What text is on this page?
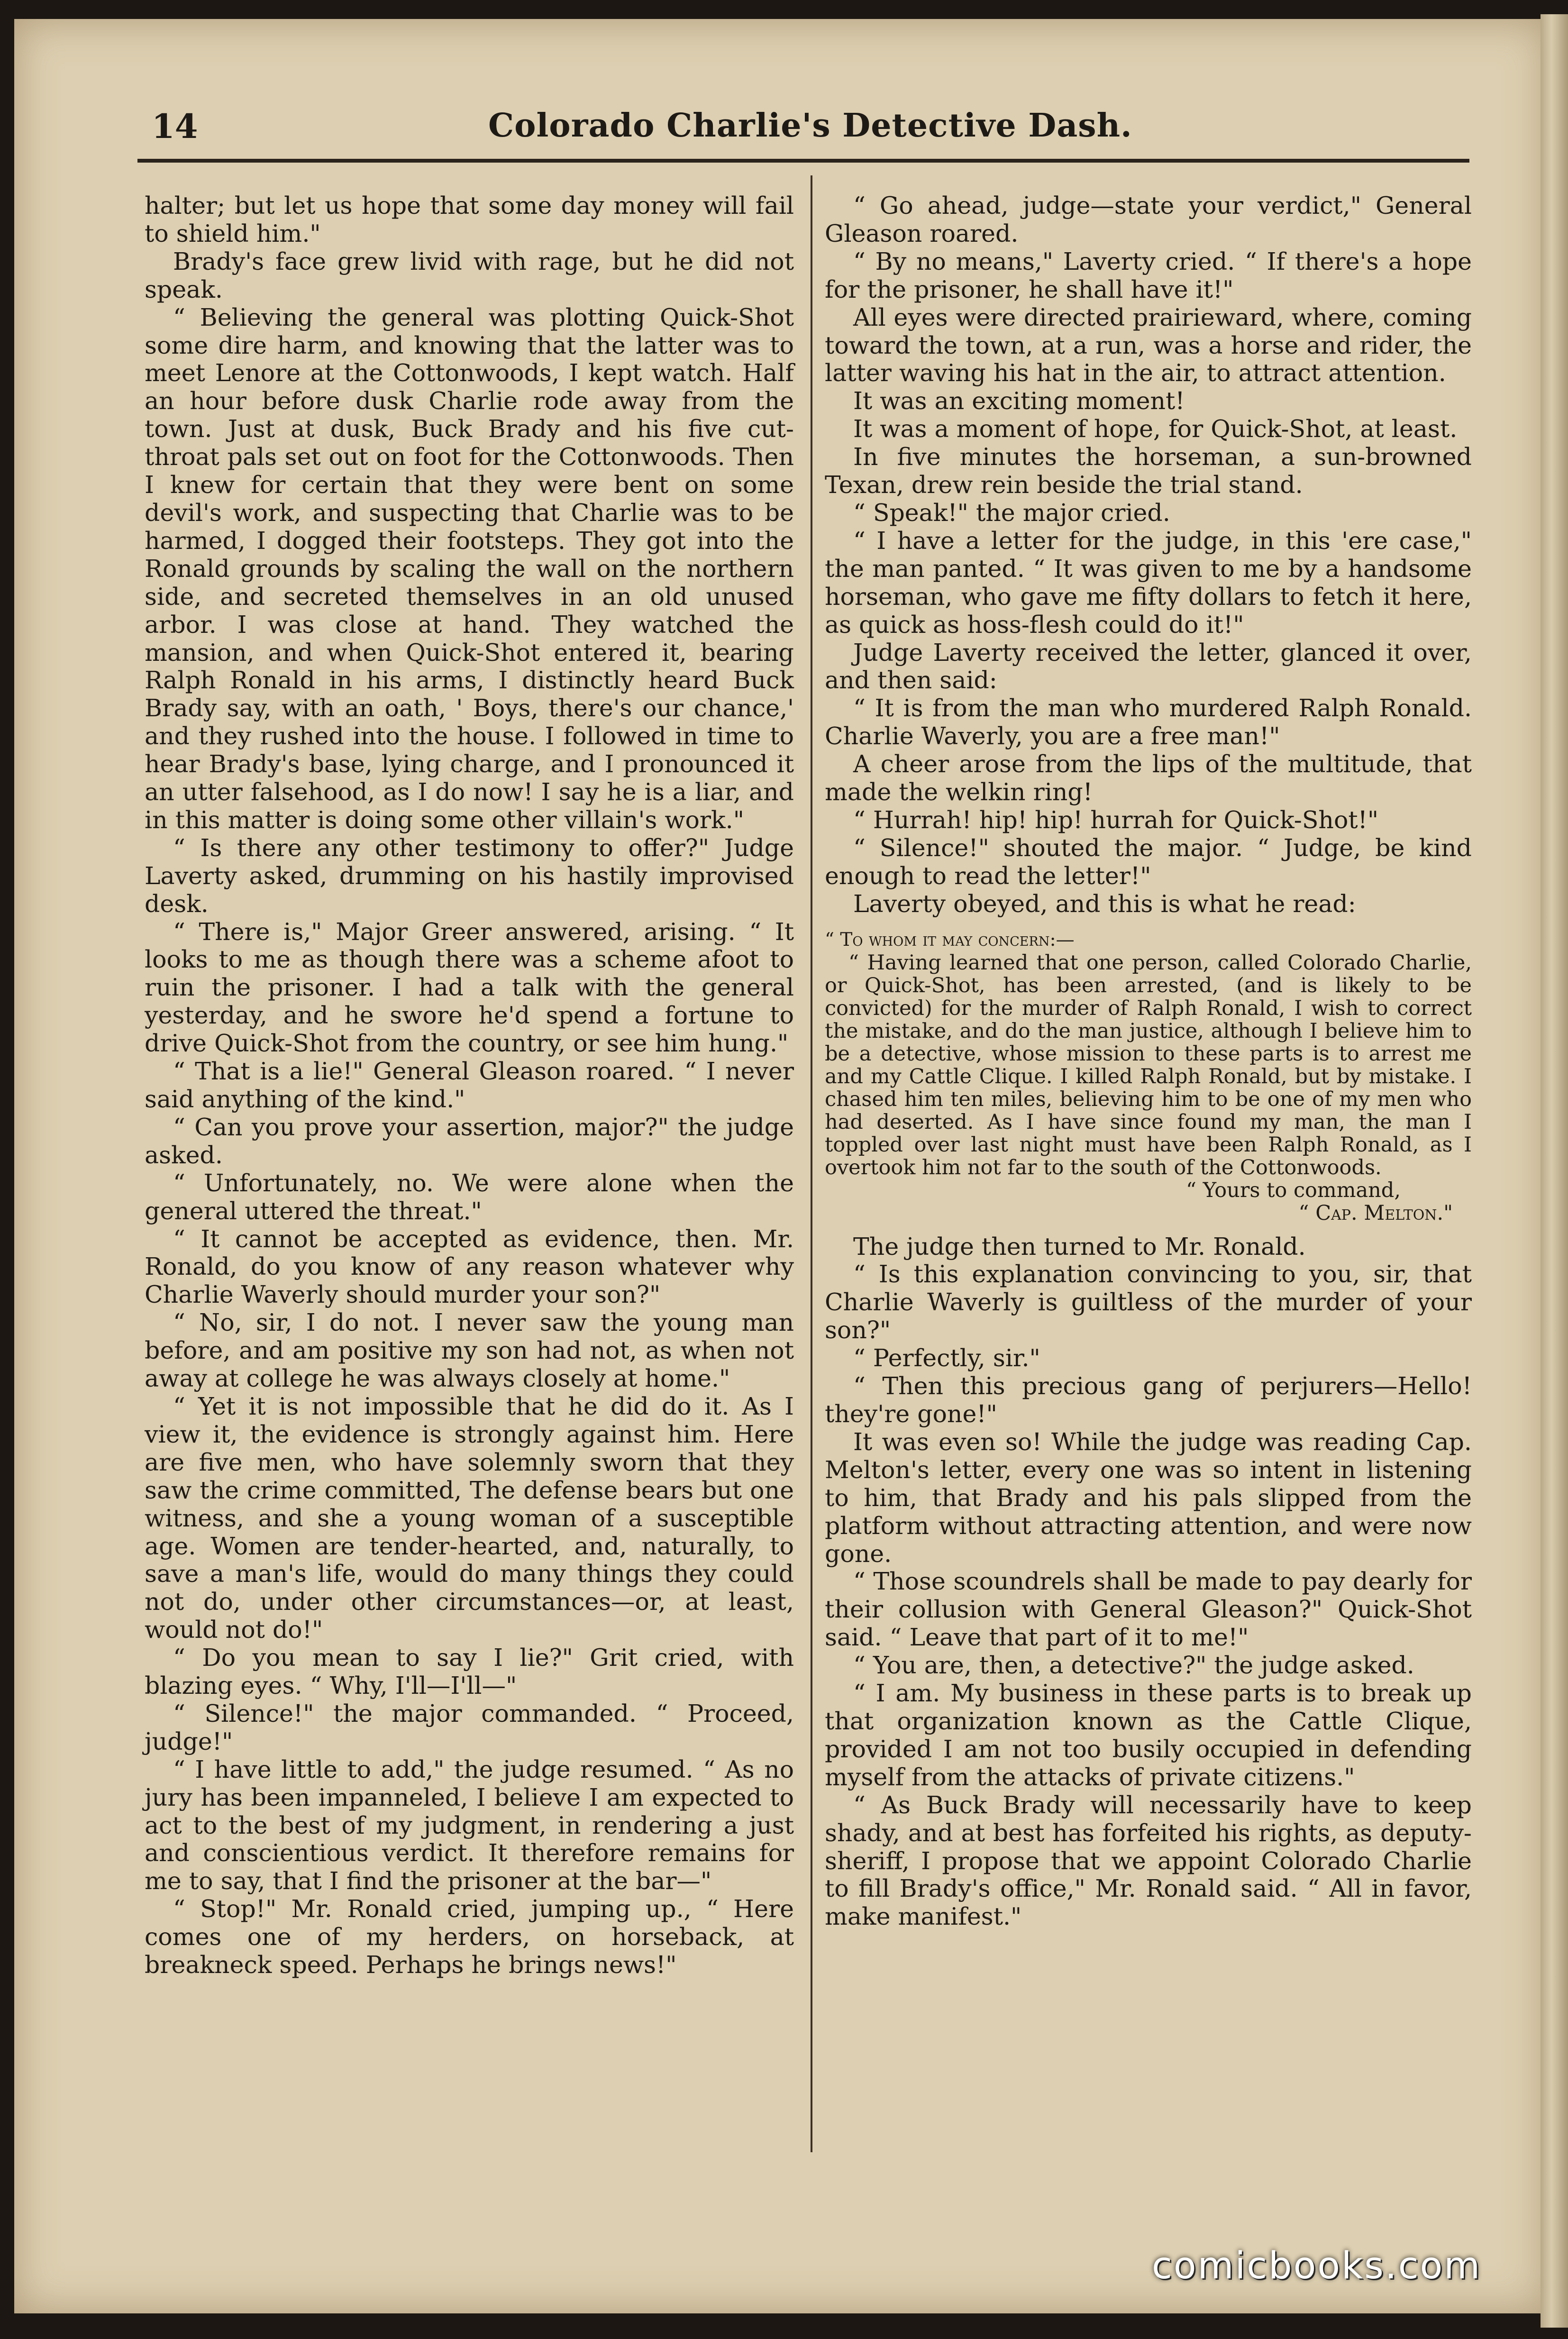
14	Colorado Charlie's Detective Dash.

halter; but let us hope that some day money will fail to shield him."

Brady's face grew livid with rage, but he did not speak.

“ Believing the general was plotting Quick-Shot some dire harm, and knowing that the latter was to meet Lenore at the Cottonwoods, I kept watch. Half an hour before dusk Charlie rode away from the town. Just at dusk, Buck Brady and his five cut-throat pals set out on foot for the Cottonwoods. Then I knew for certain that they were bent on some devil's work, and suspecting that Charlie was to be harmed, I dogged their footsteps. They got into the Ronald grounds by scaling the wall on the northern side, and secreted themselves in an old unused arbor. I was close at hand. They watched the mansion, and when Quick-Shot entered it, bearing Ralph Ronald in his arms, I distinctly heard Buck Brady say, with an oath, ' Boys, there's our chance,' and they rushed into the house. I followed in time to hear Brady's base, lying charge, and I pronounced it an utter falsehood, as I do now! I say he is a liar, and in this matter is doing some other villain's work."

“ Is there any other testimony to offer?" Judge Laverty asked, drumming on his hastily improvised desk.

“ There is," Major Greer answered, arising. “ It looks to me as though there was a scheme afoot to ruin the prisoner. I had a talk with the general yesterday, and he swore he'd spend a fortune to drive Quick-Shot from the country, or see him hung."

“ That is a lie!" General Gleason roared. “ I never said anything of the kind."

“ Can you prove your assertion, major?" the judge asked.

“ Unfortunately, no. We were alone when the general uttered the threat."

“ It cannot be accepted as evidence, then. Mr. Ronald, do you know of any reason whatever why Charlie Waverly should murder your son?"

“ No, sir, I do not. I never saw the young man before, and am positive my son had not, as when not away at college he was always closely at home."

“ Yet it is not impossible that he did do it. As I view it, the evidence is strongly against him. Here are five men, who have solemnly sworn that they saw the crime committed, The defense bears but one witness, and she a young woman of a susceptible age. Women are tender-hearted, and, naturally, to save a man's life, would do many things they could not do, under other circumstances—or, at least, would not do!"

“ Do you mean to say I lie?" Grit cried, with blazing eyes. “ Why, I'll—I'll—"

“ Silence!" the major commanded. “ Proceed, judge!"

“ I have little to add," the judge resumed. “ As no jury has been impanneled, I believe I am expected to act to the best of my judgment, in rendering a just and conscientious verdict. It therefore remains for me to say, that I find the prisoner at the bar—"

“ Stop!" Mr. Ronald cried, jumping up., “ Here comes one of my herders, on horseback, at breakneck speed. Perhaps he brings news!"

“ Go ahead, judge—state your verdict," General Gleason roared.

“ By no means," Laverty cried. “ If there's a hope for the prisoner, he shall have it!"

All eyes were directed prairieward, where, coming toward the town, at a run, was a horse and rider, the latter waving his hat in the air, to attract attention.

It was an exciting moment!

It was a moment of hope, for Quick-Shot, at least.

In five minutes the horseman, a sun-browned Texan, drew rein beside the trial stand.

“ Speak!" the major cried.

“ I have a letter for the judge, in this 'ere case," the man panted. “ It was given to me by a handsome horseman, who gave me fifty dollars to fetch it here, as quick as hoss-flesh could do it!"

Judge Laverty received the letter, glanced it over, and then said:

“ It is from the man who murdered Ralph Ronald. Charlie Waverly, you are a free man!"

A cheer arose from the lips of the multitude, that made the welkin ring!

“ Hurrah! hip! hip! hurrah for Quick-Shot!"

“ Silence!" shouted the major. “ Judge, be kind enough to read the letter!"

Laverty obeyed, and this is what he read:

“ To whom it may concern:—

“ Having learned that one person, called Colorado Charlie, or Quick-Shot, has been arrested, (and is likely to be convicted) for the murder of Ralph Ronald, I wish to correct the mistake, and do the man justice, although I believe him to be a detective, whose mission to these parts is to arrest me and my Cattle Clique. I killed Ralph Ronald, but by mistake. I chased him ten miles, believing him to be one of my men who had deserted. As I have since found my man, the man I toppled over last night must have been Ralph Ronald, as I overtook him not far to the south of the Cottonwoods.

“ Yours to command,

“ Cap. Melton."

The judge then turned to Mr. Ronald.

“ Is this explanation convincing to you, sir, that Charlie Waverly is guiltless of the murder of your son?"

“ Perfectly, sir."

“ Then this precious gang of perjurers—Hello! they're gone!"

It was even so! While the judge was reading Cap. Melton's letter, every one was so intent in listening to him, that Brady and his pals slipped from the platform without attracting attention, and were now gone.

“ Those scoundrels shall be made to pay dearly for their collusion with General Gleason?" Quick-Shot said. “ Leave that part of it to me!"

“ You are, then, a detective?" the judge asked.

“ I am. My business in these parts is to break up that organization known as the Cattle Clique, provided I am not too busily occupied in defending myself from the attacks of private citizens."

“ As Buck Brady will necessarily have to keep shady, and at best has forfeited his rights, as deputy-sheriff, I propose that we appoint Colorado Charlie to fill Brady's office," Mr. Ronald said. “ All in favor, make manifest."

comicbooks.com
